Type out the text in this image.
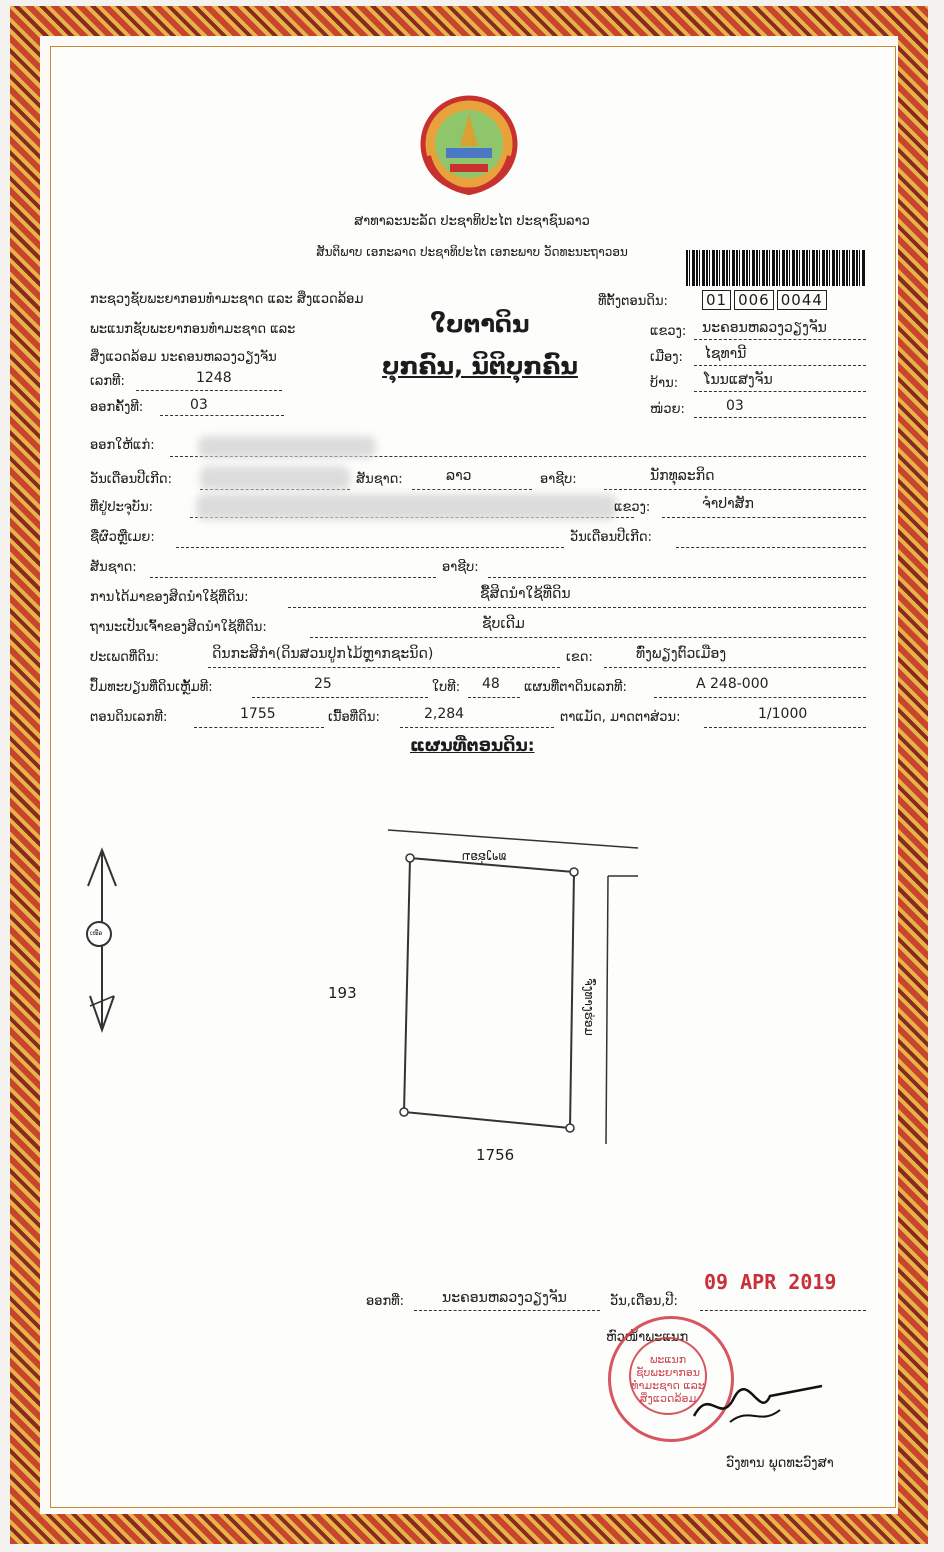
ສາທາລະນະລັດ ປະຊາທິປະໄຕ ປະຊາຊົນລາວ
ສັນຕິພາບ ເອກະລາດ ປະຊາທິປະໄຕ ເອກະພາບ ວັດທະນະຖາວອນ
ກະຊວງຊັບພະຍາກອນທຳມະຊາດ ແລະ ສິ່ງແວດລ້ອມ
ພະແນກຊັບພະຍາກອນທຳມະຊາດ ແລະ
ສິ່ງແວດລ້ອມ ນະຄອນຫລວງວຽງຈັນ
ເລກທີ:	1248
ອອກຄັ້ງທີ:	03
ໃບຕາດິນ
ບຸກຄົນ, ນິຕິບຸກຄົນ
ທີ່ຕັ້ງຕອນດິນ:	01 006 0044
ແຂວງ: ນະຄອນຫລວງວຽງຈັນ
ເມືອງ: ໄຊທານີ
ບ້ານ: ໂນນແສງຈັນ
ໜ່ວຍ:	03
ອອກໃຫ້ແກ່:
ວັນເດືອນປີເກີດ:	ສັນຊາດ:	ລາວ	ອາຊີບ:	ນັກທຸລະກິດ
ທີ່ຢູ່ປະຈຸບັນ:	ແຂວງ:	ຈຳປາສັກ
ຊື່ຜົວຫຼືເມຍ:	ວັນເດືອນປີເກີດ:
ສັນຊາດ:	ອາຊີບ:
ການໄດ້ມາຂອງສິດນຳໃຊ້ທີ່ດິນ:	ຊື້ສິດນຳໃຊ້ທີ່ດິນ
ຖານະເປັນເຈົ້າຂອງສິດນຳໃຊ້ທີ່ດິນ:	ຊັບເດີມ
ປະເພດທີ່ດິນ:	ດິນກະສິກຳ(ດິນສວນປູກໄມ້ຫຼາກຊະນິດ)	ເຂດ:	ທົ່ງພຽງຕົວເມືອງ
ປຶ້ມທະບຽນທີ່ດິນເຫຼັ້ມທີ:	25	ໃບທີ: 48 ແຜນທີ່ຕາດິນເລກທີ:	A 248-000
ຕອນດິນເລກທີ:	1755	ເນື້ອທີ່ດິນ:	2,284	ຕາແມັດ, ມາດຕາສ່ວນ:	1/1000
ແຜນທີ່ຕອນດິນ:
ເໜືອ
ທາງຮ່ອມ
ຈົ່ງທາງຮ່ອມ
193
1756
ອອກທີ່:	ນະຄອນຫລວງວຽງຈັນ	ວັນ,ເດືອນ,ປີ:
09 APR 2019
ຫົວໜ້າພະແນກ
ພະແນກ ຊັບພະຍາກອນທຳມະຊາດ ແລະ ສິ່ງແວດລ້ອມ
ວົງທານ ພຸດທະວົງສາ
